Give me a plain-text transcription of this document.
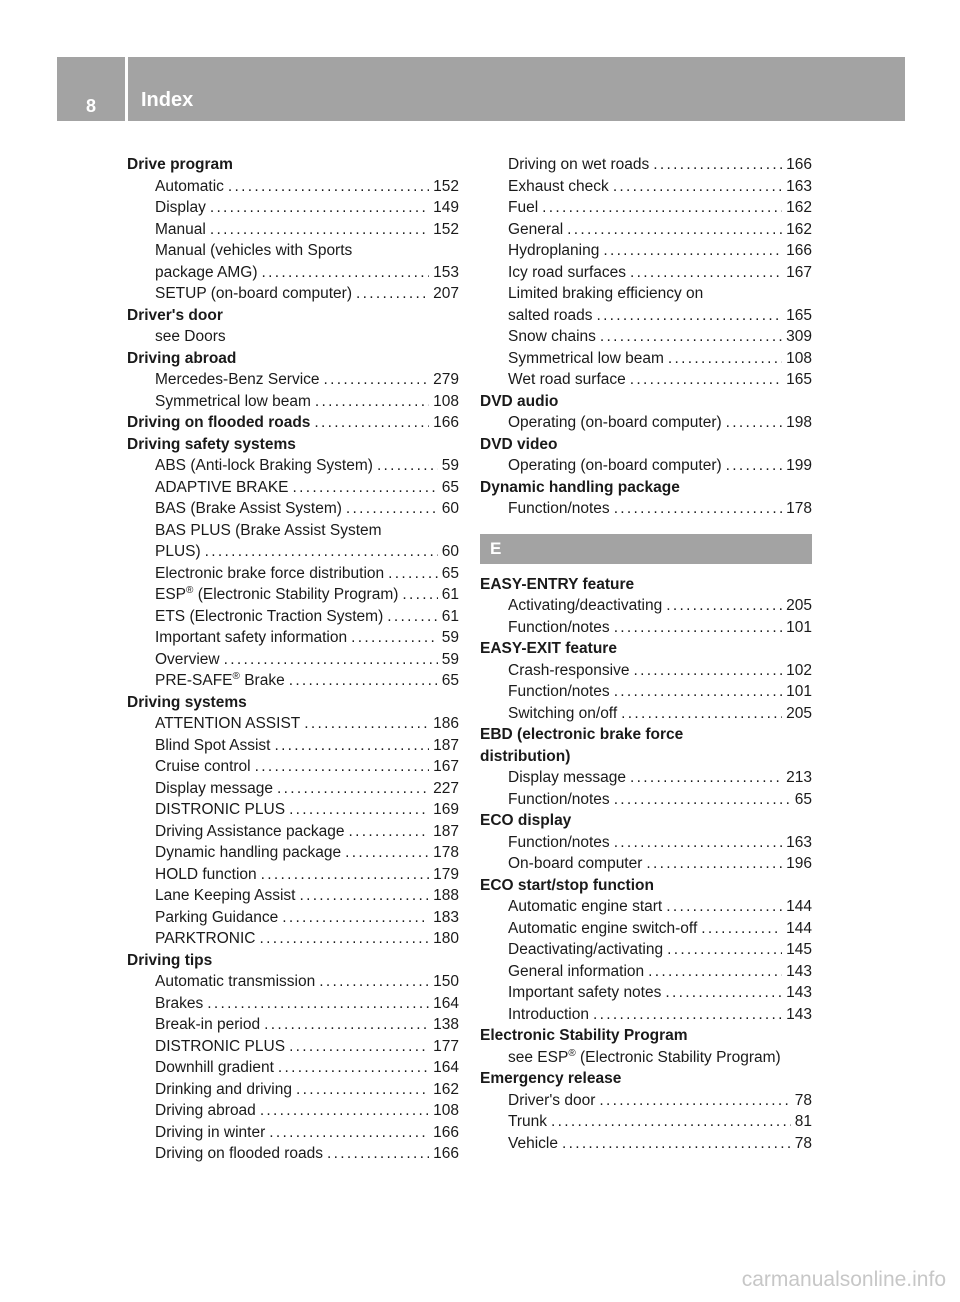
8	Index
Drive program
Automatic . . .	152
Display . . .	149
Manual . . .	152
Manual (vehicles with Sports
package AMG) . . .	153
SETUP (on-board computer) . . .	207
Driver's door
see Doors
Driving abroad
Mercedes-Benz Service . . .	279
Symmetrical low beam . . .	108
Driving on flooded roads . . .	166
Driving safety systems
ABS (Anti-lock Braking System) . . .	59
ADAPTIVE BRAKE . . .	65
BAS (Brake Assist System) . . .	60
BAS PLUS (Brake Assist System
PLUS) . . .	60
Electronic brake force distribution . . .	65
ESP® (Electronic Stability Program) . . .	61
ETS (Electronic Traction System) . . .	61
Important safety information . . .	59
Overview . . .	59
PRE-SAFE® Brake . . .	65
Driving systems
ATTENTION ASSIST . . .	186
Blind Spot Assist . . .	187
Cruise control . . .	167
Display message . . .	227
DISTRONIC PLUS . . .	169
Driving Assistance package . . .	187
Dynamic handling package . . .	178
HOLD function . . .	179
Lane Keeping Assist . . .	188
Parking Guidance . . .	183
PARKTRONIC . . .	180
Driving tips
Automatic transmission . . .	150
Brakes . . .	164
Break-in period . . .	138
DISTRONIC PLUS . . .	177
Downhill gradient . . .	164
Drinking and driving . . .	162
Driving abroad . . .	108
Driving in winter . . .	166
Driving on flooded roads . . .	166
Driving on wet roads . . .	166
Exhaust check . . .	163
Fuel . . .	162
General . . .	162
Hydroplaning . . .	166
Icy road surfaces . . .	167
Limited braking efficiency on
salted roads . . .	165
Snow chains . . .	309
Symmetrical low beam . . .	108
Wet road surface . . .	165
DVD audio
Operating (on-board computer) . . .	198
DVD video
Operating (on-board computer) . . .	199
Dynamic handling package
Function/notes . . .	178
E
EASY-ENTRY feature
Activating/deactivating . . .	205
Function/notes . . .	101
EASY-EXIT feature
Crash-responsive . . .	102
Function/notes . . .	101
Switching on/off . . .	205
EBD (electronic brake force
distribution)
Display message . . .	213
Function/notes . . .	65
ECO display
Function/notes . . .	163
On-board computer . . .	196
ECO start/stop function
Automatic engine start . . .	144
Automatic engine switch-off . . .	144
Deactivating/activating . . .	145
General information . . .	143
Important safety notes . . .	143
Introduction . . .	143
Electronic Stability Program
see ESP® (Electronic Stability Program)
Emergency release
Driver's door . . .	78
Trunk . . .	81
Vehicle . . .	78
carmanualsonline.info
